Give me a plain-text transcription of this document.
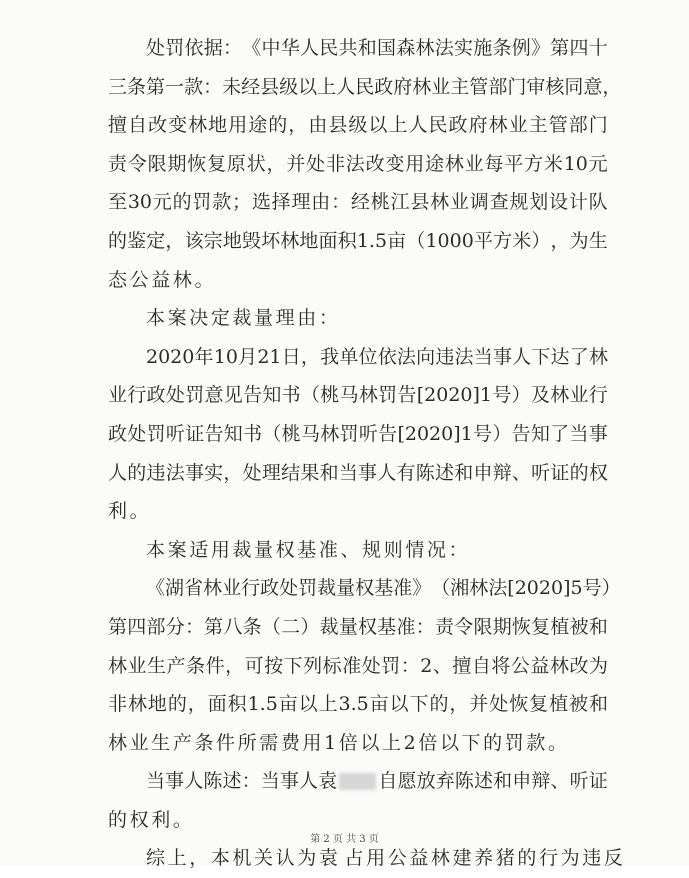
处 罚 依 据 ： 《 中 华 人 民 共 和 国 森 林 法 实 施 条 例 》 第 四 十
三 条 第 一 款 ： 未 经 县 级 以 上 人 民 政 府 林 业 主 管 部 门 审 核 同 意 ，
擅 自 改 变 林 地 用 途 的 ， 由 县 级 以 上 人 民 政 府 林 业 主 管 部 门
责 令 限 期 恢 复 原 状 ， 并 处 非 法 改 变 用 途 林 业 每 平 方 米 10 元
至 30 元 的 罚 款 ； 选 择 理 由 ： 经 桃 江 县 林 业 调 查 规 划 设 计 队
的 鉴 定 ， 该 宗 地 毁 坏 林 地 面 积 1.5 亩 （ 1000 平 方 米 ） ， 为 生
态 公 益 林 。
本 案 决 定 裁 量 理 由 ：
2020 年 10 月 21 日 ， 我 单 位 依 法 向 违 法 当 事 人 下 达 了 林
业 行 政 处 罚 意 见 告 知 书 （ 桃 马 林 罚 告 [2020]1 号 ） 及 林 业 行
政 处 罚 听 证 告 知 书 （ 桃 马 林 罚 听 告 [2020]1 号 ） 告 知 了 当 事
人 的 违 法 事 实 ， 处 理 结 果 和 当 事 人 有 陈 述 和 申 辩 、 听 证 的 权
利 。
本 案 适 用 裁 量 权 基 准 、 规 则 情 况 ：
《 湖 省 林 业 行 政 处 罚 裁 量 权 基 准 》 （ 湘 林 法 [2020]5 号 ）
第 四 部 分 ： 第 八 条 （ 二 ） 裁 量 权 基 准 ： 责 令 限 期 恢 复 植 被 和
林 业 生 产 条 件 ， 可 按 下 列 标 准 处 罚 ： 2 、 擅 自 将 公 益 林 改 为
非 林 地 的 ， 面 积 1.5 亩 以 上 3.5 亩 以 下 的 ， 并 处 恢 复 植 被 和
林 业 生 产 条 件 所 需 费 用 1 倍 以 上 2 倍 以 下 的 罚 款 。
当 事 人 陈 述 ： 当 事 人 袁 自 愿 放 弃 陈 述 和 申 辩 、 听 证
的 权 利 。
综 上 ， 本 机 关 认 为 袁 占 用 公 益 林 建 养 猪 的 行 为 违 反
第 2 页 共 3 页
